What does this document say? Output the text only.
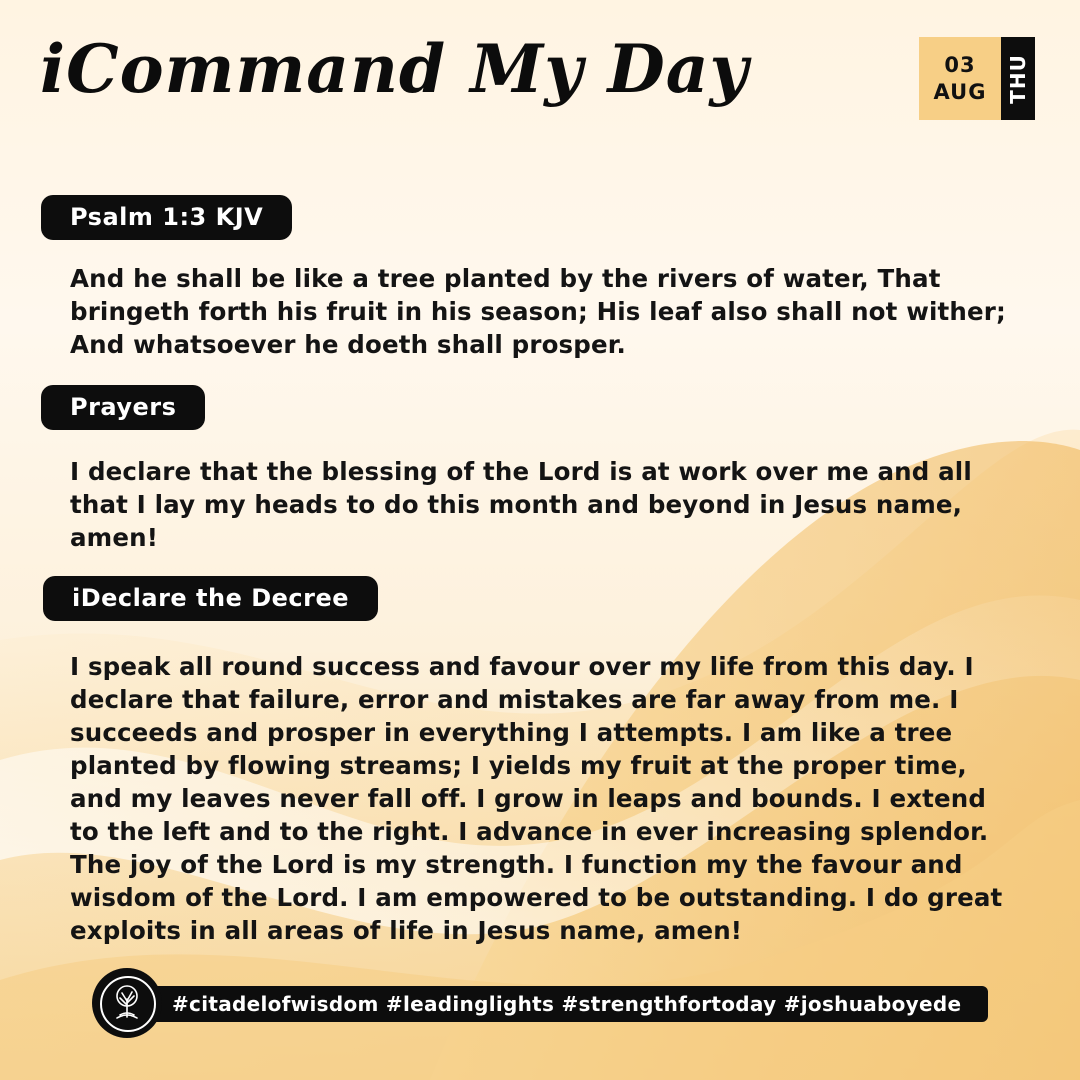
iCommand My Day	03
AUG THU
Psalm 1:3 KJV

And he shall be like a tree planted by the rivers of water, That bringeth forth his fruit in his season; His leaf also shall not wither; And whatsoever he doeth shall prosper.

Prayers

I declare that the blessing of the Lord is at work over me and all that I lay my heads to do this month and beyond in Jesus name, amen!

iDeclare the Decree

I speak all round success and favour over my life from this day. I declare that failure, error and mistakes are far away from me. I succeeds and prosper in everything I attempts. I am like a tree planted by flowing streams; I yields my fruit at the proper time, and my leaves never fall off. I grow in leaps and bounds. I extend to the left and to the right. I advance in ever increasing splendor. The joy of the Lord is my strength. I function my the favour and wisdom of the Lord. I am empowered to be outstanding. I do great exploits in all areas of life in Jesus name, amen!

#citadelofwisdom #leadinglights #strengthfortoday #joshuaboyede
